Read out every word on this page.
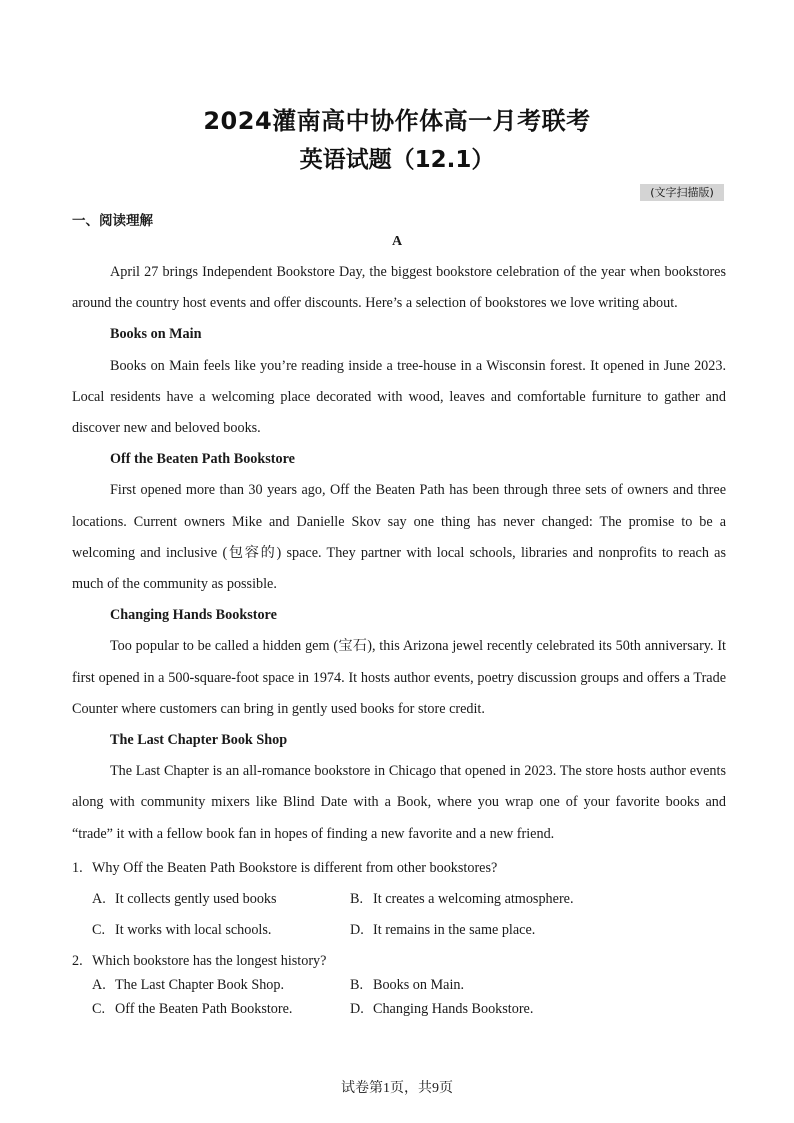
2024灌南高中协作体高一月考联考
英语试题（12.1）
(文字扫描版)
一、阅读理解
A

April 27 brings Independent Bookstore Day, the biggest bookstore celebration of the year when bookstores around the country host events and offer discounts. Here’s a selection of bookstores we love writing about.

Books on Main

Books on Main feels like you’re reading inside a tree-house in a Wisconsin forest. It opened in June 2023. Local residents have a welcoming place decorated with wood, leaves and comfortable furniture to gather and discover new and beloved books.

Off the Beaten Path Bookstore

First opened more than 30 years ago, Off the Beaten Path has been through three sets of owners and three locations. Current owners Mike and Danielle Skov say one thing has never changed: The promise to be a welcoming and inclusive (包容的) space. They partner with local schools, libraries and nonprofits to reach as much of the community as possible.

Changing Hands Bookstore

Too popular to be called a hidden gem (宝石), this Arizona jewel recently celebrated its 50th anniversary. It first opened in a 500-square-foot space in 1974. It hosts author events, poetry discussion groups and offers a Trade Counter where customers can bring in gently used books for store credit.

The Last Chapter Book Shop

The Last Chapter is an all-romance bookstore in Chicago that opened in 2023. The store hosts author events along with community mixers like Blind Date with a Book, where you wrap one of your favorite books and “trade” it with a fellow book fan in hopes of finding a new favorite and a new friend.

1. Why Off the Beaten Path Bookstore is different from other bookstores?
A. It collects gently used books	B. It creates a welcoming atmosphere.
C. It works with local schools.	D. It remains in the same place.
2. Which bookstore has the longest history?
A. The Last Chapter Book Shop.	B. Books on Main.
C. Off the Beaten Path Bookstore.	D. Changing Hands Bookstore.
试卷第1页，共9页
